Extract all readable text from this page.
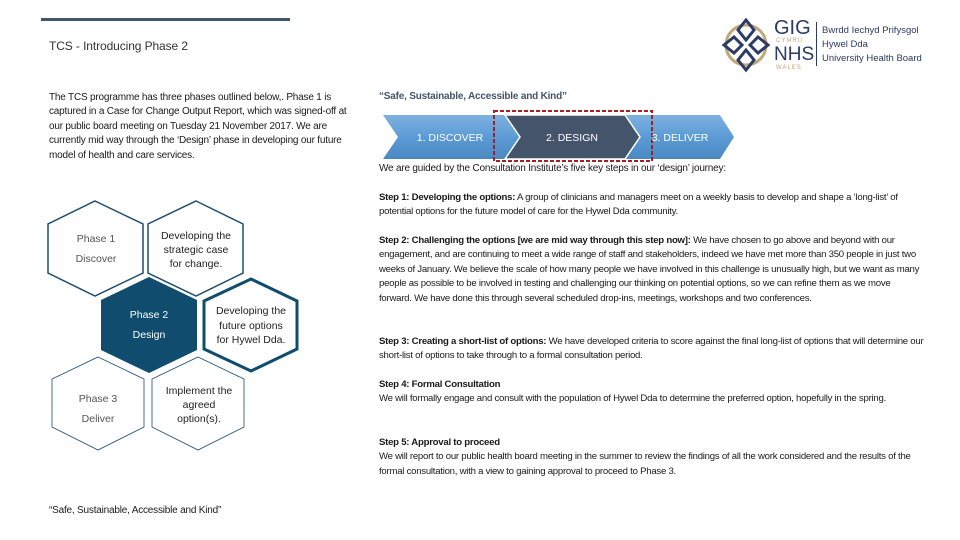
TCS - Introducing Phase 2
GIG
CYMRU
NHS
WALES
Bwrdd Iechyd Prifysgol
Hywel Dda
University Health Board
The TCS programme has three phases outlined below,. Phase 1 is captured in a Case for Change Output Report, which was signed-off at our public board meeting on Tuesday 21 November 2017. We are currently mid way through the ‘Design’ phase in developing our future model of health and care services.
“Safe, Sustainable, Accessible and Kind”
1. DISCOVER	2. DESIGN	3. DELIVER
We are guided by the Consultation Institute’s five key steps in our ‘design’ journey:
Step 1: Developing the options: A group of clinicians and managers meet on a weekly basis to develop and shape a ‘long-list’ of potential options for the future model of care for the Hywel Dda community.
Step 2: Challenging the options [we are mid way through this step now]: We have chosen to go above and beyond with our engagement, and are continuing to meet a wide range of staff and stakeholders, indeed we have met more than 350 people in just two weeks of January. We believe the scale of how many people we have involved in this challenge is unusually high, but we want as many people as possible to be involved in testing and challenging our thinking on potential options, so we can refine them as we move forward. We have done this through several scheduled drop-ins, meetings, workshops and two conferences.
Step 3: Creating a short-list of options: We have developed criteria to score against the final long-list of options that will determine our short-list of options to take through to a formal consultation period.
Step 4: Formal Consultation
We will formally engage and consult with the population of Hywel Dda to determine the preferred option, hopefully in the spring.
Step 5: Approval to proceed
We will report to our public health board meeting in the summer to review the findings of all the work considered and the results of the formal consultation, with a view to gaining approval to proceed to Phase 3.
Phase 1
Discover
Developing the
strategic case
for change.
Phase 2
Design
Developing the
future options
for Hywel Dda.
Phase 3
Deliver
Implement the
agreed
option(s).
“Safe, Sustainable, Accessible and Kind”
